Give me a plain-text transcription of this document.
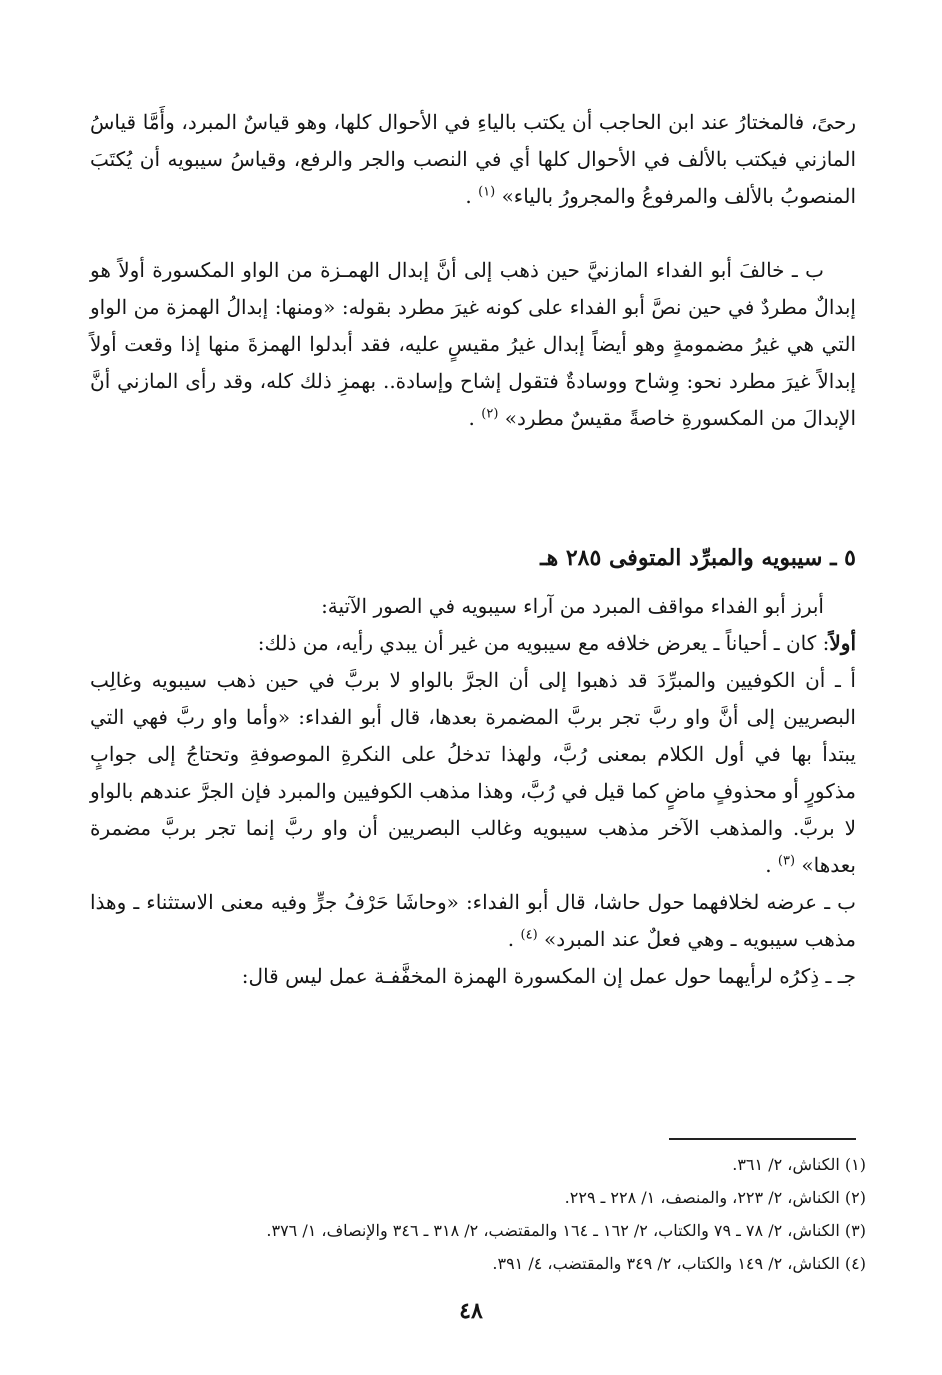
رحىً، فالمختارُ عند ابن الحاجب أن يكتب بالياءِ في الأحوال كلها، وهو قياسٌ المبرد، وأَمَّا قياسُ المازني فيكتب بالألف في الأحوال كلها أي في النصب والجر والرفع، وقياسُ سيبويه أن يُكتَبَ المنصوبُ بالألف والمرفوعُ والمجرورُ بالياء» $^{(١)}$ .

ب ـ خالفَ أبو الفداء المازنيَّ حين ذهب إلى أنَّ إبدال الهمـزة من الواو المكسورة أولاً هو إبدالٌ مطردٌ في حين نصَّ أبو الفداء على كونه غيرَ مطرد بقوله: «ومنها: إبدالُ الهمزة من الواو التي هي غيرُ مضمومةٍ وهو أيضاً إبدال غيرُ مقيسٍ عليه، فقد أبدلوا الهمزةَ منها إذا وقعت أولاً إبدالاً غيرَ مطرد نحو: وِشاح ووسادةٌ فتقول إشاح وإسادة.. بهمزِ ذلك كله، وقد رأى المازني أنَّ الإبدالَ من المكسورةِ خاصةً مقيسٌ مطرد» $^{(٢)}$ .

٥ ـ سيبويه والمبرِّد المتوفى ٢٨٥ هـ

أبرز أبو الفداء مواقف المبرد من آراء سيبويه في الصور الآتية:

أولاً: كان ـ أحياناً ـ يعرض خلافه مع سيبويه من غير أن يبدي رأيه، من ذلك:

أ ـ أن الكوفيين والمبرِّدَ قد ذهبوا إلى أن الجرَّ بالواو لا بربَّ في حين ذهب سيبويه وغالِب البصريين إلى أنَّ واو ربَّ تجر بربَّ المضمرة بعدها، قال أبو الفداء: «وأما واو ربَّ فهي التي يبتدأ بها في أول الكلام بمعنى رُبَّ، ولهذا تدخلُ على النكرةِ الموصوفةِ وتحتاجُ إلى جوابٍ مذكورٍ أو محذوفٍ ماضٍ كما قيل في رُبَّ، وهذا مذهب الكوفيين والمبرد فإن الجرَّ عندهم بالواو لا بربَّ. والمذهب الآخر مذهب سيبويه وغالب البصريين أن واو ربَّ إنما تجر بربَّ مضمرة بعدها» $^{(٣)}$ .

ب ـ عرضه لخلافهما حول حاشا، قال أبو الفداء: «وحاشَا حَرْفُ جرٍّ وفيه معنى الاستثناء ـ وهذا مذهب سيبويه ـ وهي فعلٌ عند المبرد» $^{(٤)}$ .

جـ ـ ذِكرُه لرأيهما حول عمل إن المكسورة الهمزة المخفَّفـة عمل ليس قال:

(١) الكناش، ٢/ ٣٦١.
(٢) الكناش، ٢/ ٢٢٣، والمنصف، ١/ ٢٢٨ ـ ٢٢٩.
(٣) الكناش، ٢/ ٧٨ ـ ٧٩ والكتاب، ٢/ ١٦٢ ـ ١٦٤ والمقتضب، ٢/ ٣١٨ ـ ٣٤٦ والإنصاف، ١/ ٣٧٦.
(٤) الكناش، ٢/ ١٤٩ والكتاب، ٢/ ٣٤٩ والمقتضب، ٤/ ٣٩١.
٤٨
